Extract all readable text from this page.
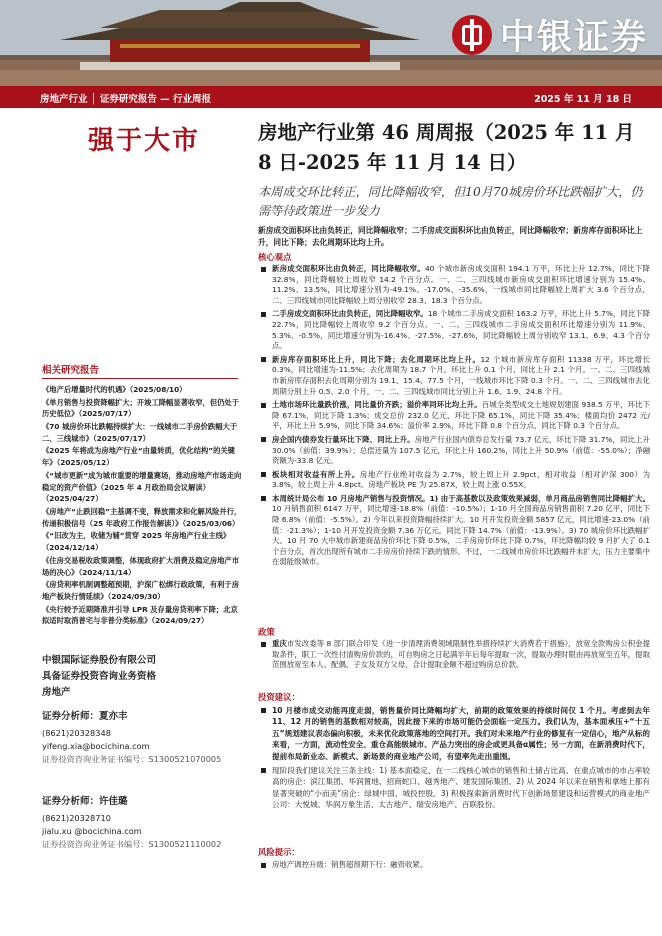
中银证券
房地产行业 │ 证券研究报告 — 行业周报	2025 年 11 月 18 日
强于大市
相关研究报告
《地产后增量时代的机遇》（2025/08/10）
《单月销售与投资降幅扩大；开竣工降幅显著收窄，但仍处于历史低位》（2025/07/17）
《70 城房价环比跌幅持续扩大：一线城市二手房价跌幅大于二、三线城市》（2025/07/17）
《2025 年将成为房地产行业“由量转质，优化结构”的关键年》（2025/05/12）
《“城市更新”成为城市重要的增量赛场，推动房地产市场走向稳定的资产价值》（2025 年 4 月政治局会议解读）（2025/04/27）
《房地产“止跌回稳”主基调不变，释放需求和化解风险并行，传递积极信号（25 年政府工作报告解读）》（2025/03/06）
《“旧改为主，收储为辅”贯穿 2025 年房地产行业主线》（2024/12/14）
《住房交易税收政策调整，体现政府扩大消费及稳定房地产市场的决心》（2024/11/14）
《房贷利率机制调整超预期，沪深广松绑行政政策，有利于房地产板块行情延续》（2024/09/30）
《央行较予近期降准并引导 LPR 及存量房贷利率下降；北京拟适时取消普宅与非普分类标准》（2024/09/27）
中银国际证券股份有限公司
具备证券投资咨询业务资格
房地产
证券分析师：夏亦丰
(8621)20328348
yifeng.xia@bocichina.com
证券投资咨询业务证书编号：S1300521070005
证券分析师：许佳璐
(8621)20328710
jialu.xu @bocichina.com
证券投资咨询业务证书编号：S1300521110002
房地产行业第 46 周周报（2025 年 11 月 8 日-2025 年 11 月 14 日）
本周成交环比转正，同比降幅收窄，但10月70城房价环比跌幅扩大，仍需等待政策进一步发力
新房成交面积环比由负转正，同比降幅收窄；二手房成交面积环比由负转正，同比降幅收窄；新房库存面积环比上升，同比下降；去化周期环比均上升。
核心观点
新房成交面积环比由负转正，同比降幅收窄。40 个城市新房成交面积 194.1 万平，环比上升 12.7%，同比下降 32.8%，同比降幅较上周收窄 14.2 个百分点。一、二、三四线城市新房成交面积环比增速分别为 15.4%、11.2%、13.5%，同比增速分别为-49.1%、-17.0%、-35.6%，一线城市同比降幅较上周扩大 3.6 个百分点，二、三四线城市同比降幅较上周分别收窄 28.3、18.3 个百分点。
二手房成交面积环比由负转正，同比降幅收窄。18 个城市二手房成交面积 163.2 万平，环比上升 5.7%，同比下降 22.7%，同比降幅较上周收窄 9.2 个百分点。一、二、三四线城市二手房成交面积环比增速分别为 11.9%、5.3%、-0.5%，同比增速分别为-16.4%、-27.5%、-27.6%，同比降幅较上周分别收窄 13.1、6.9、4.3 个百分点。
新房库存面积环比上升，同比下降；去化周期环比均上升。12 个城市新房库存面积 11338 万平，环比增长 0.3%，同比增速为-11.5%；去化周期为 18.7 个月，环比上升 0.1 个月，同比上升 2.1 个月。一、二、三四线城市新房库存面积去化周期分别为 19.1、15.4、77.5 个月，一线城市环比下降 0.3 个月。一、二、三四线城市去化周期分别上升 0.5、2.0 个月，一、二、三四线城市同比分别上升 1.6、1.9、24.8 个月。
土地市场环比量跌价涨，同比量价齐跌；溢价率同环比均上升。百城全类型成交土地规划建面 938.5 万平，环比下降 67.1%，同比下降 1.3%；成交总价 232.0 亿元，环比下降 65.1%，同比下降 35.4%；楼面均价 2472 元/平，环比上升 5.9%，同比下降 34.6%；溢价率 2.9%，环比下降 0.8 个百分点，同比下降 0.3 个百分点。
房企国内债券发行量环比下降、同比上升。房地产行业国内债券总发行量 73.7 亿元，环比下降 31.7%，同比上升 30.0%（前值：39.9%）；总偿还量为 107.5 亿元，环比上升 160.2%，同比上升 50.9%（前值：-55.0%）；净融资额为-33.8 亿元。
板块相对收益有所上升。房地产行业绝对收益为 2.7%，较上周上升 2.9pct，相对收益（相对沪深 300）为 3.8%，较上周上升 4.8pct。房地产板块 PE 为 25.87X，较上周上涨 0.55X。
本周统计局公布 10 月房地产销售与投资情况。1) 由于高基数以及政策效果减弱，单月商品房销售同比降幅扩大。10 月销售面积 6147 万平，同比增速-18.8%（前值：-10.5%）；1-10 月全国商品房销售面积 7.20 亿平，同比下降 6.8%（前值：-5.5%）。2) 今年以来投资降幅持续扩大。10 月开发投资金额 5857 亿元，同比增速-23.0%（前值：-21.3%）；1-10 月开发投资金额 7.36 万亿元，同比下降 14.7%（前值：-13.9%）。3) 70 城房价环比跌幅扩大。10 月 70 大中城市新建商品房价环比下降 0.5%，二手房房价环比下降 0.7%，环比降幅均较 9 月扩大了 0.1 个百分点，首次出现所有城市二手房房价持续下跌的情形。不过，一二线城市房价环比跌幅并未扩大，压力主要集中在弱能级城市。
政策
重庆市发改委等 8 部门联合印发《进一步清理消费领域限制性举措持续扩大消费若干措施》，放宽全款购房公积金提取条件，职工一次性付清购房价款的，可自购房之日起满半年后每年提取一次，提取办理时限由再放宽至五年，提取范围放宽至本人、配偶、子女及双方父母，合计提取金额不超过购房总价款。
投资建议：
10 月楼市成交动能再度走弱，销售量价同比降幅均扩大，前期的政策效果的持续时间仅 1 个月。考虑到去年 11、12 月的销售的基数相对较高，因此接下来的市场可能仍会面临一定压力。我们认为，基本面承压+“十五五”规划建议表态偏向积极，未来优化政策落地的空间打开。我们对未来地产行业的修复有一定信心，地产从标的来看，一方面，流动性安全、重仓高能级城市、产品力突出的房企或更具备α属性；另一方面，在新消费时代下，提前布局新业态、新模式、新场景的商业地产公司，有望率先走出重围。
现阶段我们建议关注三条主线：1) 基本面稳定、在一二线核心城市的销售和土储占比高、在重点城市的市占率较高的房企：滨江集团、华润置地、招商蛇口、越秀地产、建发国际集团。2) 从 2024 年以来在销售和拿地上都有显著突破的“小而美”房企：绿城中国、城投控股。3) 积极探索新消费时代下创新场景建设和运营模式的商业地产公司：大悦城、华润万象生活、太古地产、瑞安房地产、百联股份。
风险提示：
房地产调控升级：销售超预期下行：融资收紧。
